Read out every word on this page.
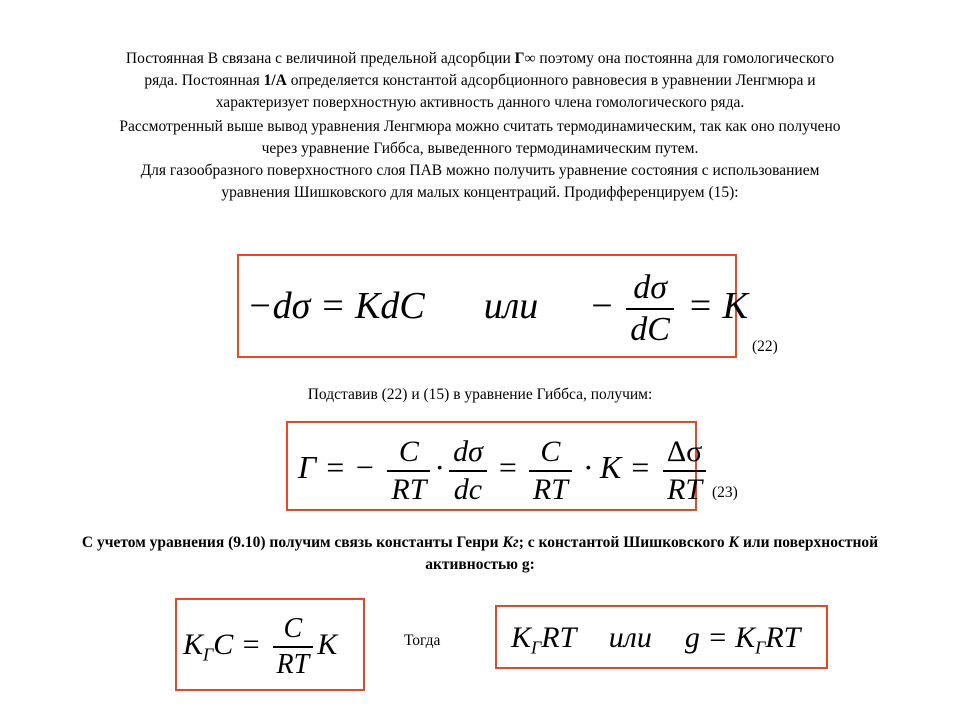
Постоянная В связана с величиной предельной адсорбции Г∞ поэтому она постоянна для гомологического
ряда. Постоянная 1/А определяется константой адсорбционного равновесия в уравнении Ленгмюра и
характеризует поверхностную активность данного члена гомологического ряда.

Рассмотренный выше вывод уравнения Ленгмюра можно считать термодинамическим, так как оно получено
через уравнение Гиббса, выведенного термодинамическим путем.

Для газообразного поверхностного слоя ПАВ можно получить уравнение состояния с использованием
уравнения Шишковского для малых концентраций. Продифференцируем (15):

−dσ = KdC или − $\frac{d\sigma}{dC} = K$
(22)
Подставив (22) и (15) в уравнение Гиббса, получим:
Г = − $\frac{C}{RT} \cdot \frac{d\sigma}{dc} = \frac{C}{RT} \cdot K = \frac{\Delta\sigma}{RT} (23)$

С учетом уравнения (9.10) получим связь константы Генри Кг; с константой Шишковского К или поверхностной
активностью g:

$K_ГC = \frac{C}{RT}$ K	Тогда $K_ГRT$ или $g = K_ГRT$
